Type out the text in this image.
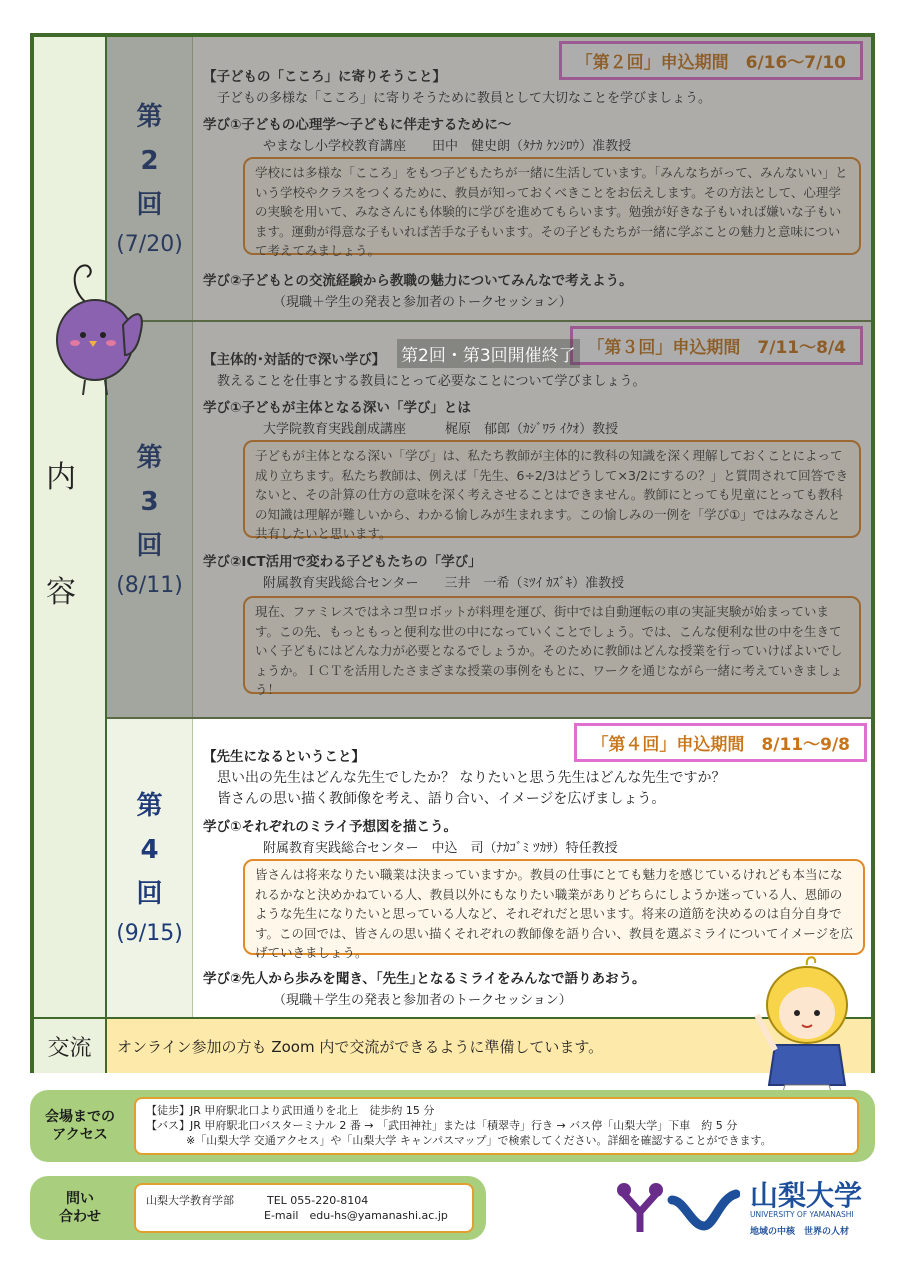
内
容
第
2
回
(7/20)
【子どもの「こころ」に寄りそうこと】
子どもの多様な「こころ」に寄りそうために教員として大切なことを学びましょう。
学び①子どもの心理学〜子どもに伴走するために〜
やまなし小学校教育講座　　田中　健史朗（ﾀﾅｶ ｹﾝｼﾛｳ）准教授
学校には多様な「こころ」をもつ子どもたちが一緒に生活しています。「みんなちがって、みんないい」という学校やクラスをつくるために、教員が知っておくべきことをお伝えします。その方法として、心理学の実験を用いて、みなさんにも体験的に学びを進めてもらいます。勉強が好きな子もいれば嫌いな子もいます。運動が得意な子もいれば苦手な子もいます。その子どもたちが一緒に学ぶことの魅力と意味について考えてみましょう。
学び②子どもとの交流経験から教職の魅力についてみんなで考えよう。
（現職＋学生の発表と参加者のトークセッション）
「第２回」申込期間　6/16〜7/10
第
3
回
(8/11)
【主体的･対話的で深い学び】
教えることを仕事とする教員にとって必要なことについて学びましょう。
学び①子どもが主体となる深い「学び」とは
大学院教育実践創成講座　　　梶原　郁郎（ｶｼﾞﾜﾗ ｲｸｵ）教授
子どもが主体となる深い「学び」は、私たち教師が主体的に教科の知識を深く理解しておくことによって成り立ちます。私たち教師は、例えば「先生、6÷2/3はどうして×3/2にするの？」と質問されて回答できないと、その計算の仕方の意味を深く考えさせることはできません。教師にとっても児童にとっても教科の知識は理解が難しいから、わかる愉しみが生まれます。この愉しみの一例を「学び①」ではみなさんと共有したいと思います。
学び②ICT活用で変わる子どもたちの「学び」
附属教育実践総合センター　　三井　一希（ﾐﾂｲ ｶｽﾞｷ）准教授
現在、ファミレスではネコ型ロボットが料理を運び、街中では自動運転の車の実証実験が始まっています。この先、もっともっと便利な世の中になっていくことでしょう。では、こんな便利な世の中を生きていく子どもにはどんな力が必要となるでしょうか。そのために教師はどんな授業を行っていけばよいでしょうか。ＩＣＴを活用したさまざまな授業の事例をもとに、ワークを通じながら一緒に考えていきましょう！
「第３回」申込期間　7/11〜8/4
第2回・第3回開催終了
第
4
回
(9/15)
【先生になるということ】
思い出の先生はどんな先生でしたか？ なりたいと思う先生はどんな先生ですか？
皆さんの思い描く教師像を考え、語り合い、イメージを広げましょう。
学び①それぞれのミライ予想図を描こう。
附属教育実践総合センター　中込　司（ﾅｶｺﾞﾐ ﾂｶｻ）特任教授
皆さんは将来なりたい職業は決まっていますか。教員の仕事にとても魅力を感じているけれども本当になれるかなと決めかねている人、教員以外にもなりたい職業がありどちらにしようか迷っている人、恩師のような先生になりたいと思っている人など、それぞれだと思います。将来の道筋を決めるのは自分自身です。この回では、皆さんの思い描くそれぞれの教師像を語り合い、教員を選ぶミライについてイメージを広げていきましょう。
学び②先人から歩みを聞き、｢先生｣となるミライをみんなで語りあおう。
（現職＋学生の発表と参加者のトークセッション）
「第４回」申込期間　8/11〜9/8
交流	オンライン参加の方も Zoom 内で交流ができるように準備しています。
会場までの
アクセス
【徒歩】JR 甲府駅北口より武田通りを北上　徒歩約 15 分
【バス】JR 甲府駅北口バスターミナル 2 番 → 「武田神社」または「積翠寺」行き → バス停「山梨大学」下車　約 5 分
※「山梨大学 交通アクセス」や「山梨大学 キャンパスマップ」で検索してください。詳細を確認することができます。
問い
合わせ
山梨大学教育学部	TEL 055-220-8104
E-mail　edu-hs@yamanashi.ac.jp
山梨大学
UNIVERSITY OF YAMANASHI
地域の中核　世界の人材
